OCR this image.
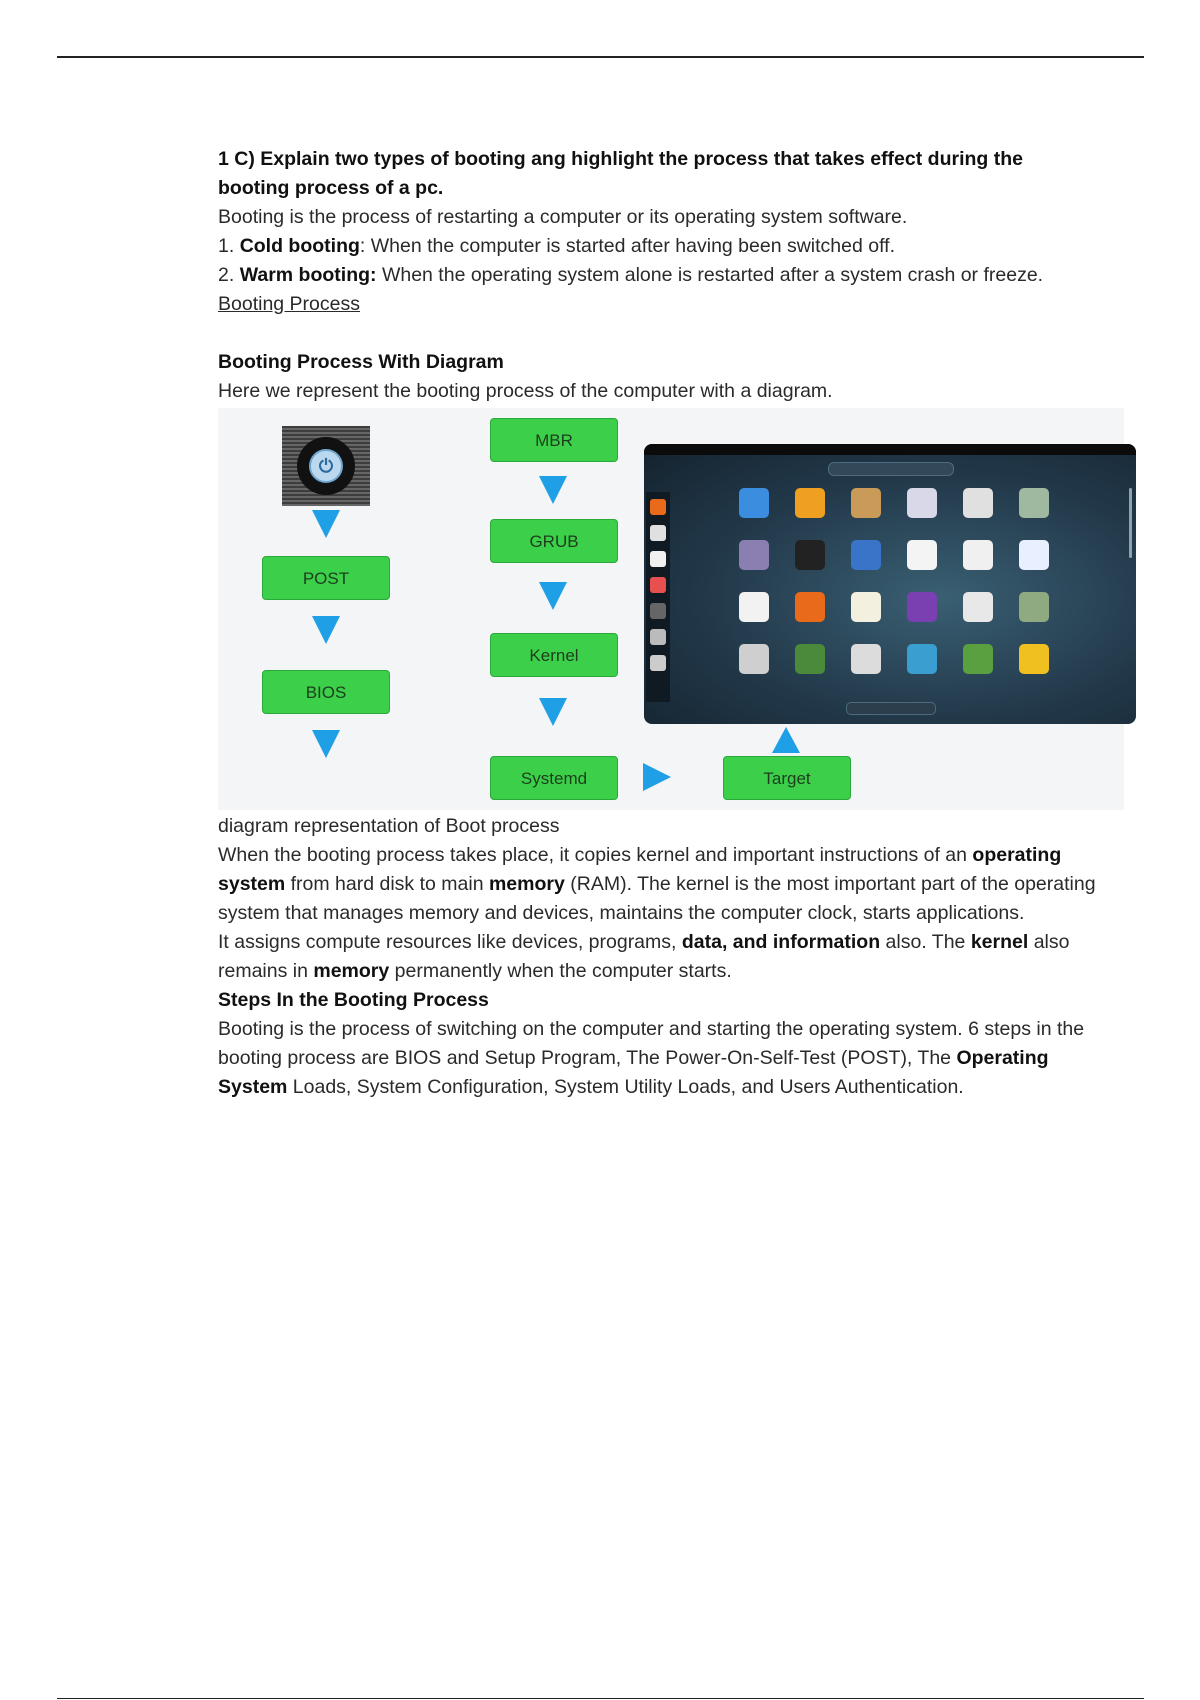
1 C) Explain two types of booting ang highlight the process that takes effect during the booting process of a pc.

Booting is the process of restarting a computer or its operating system software.

1. Cold booting: When the computer is started after having been switched off.

2. Warm booting: When the operating system alone is restarted after a system crash or freeze.

Booting Process

Booting Process With Diagram

Here we represent the booting process of the computer with a diagram.

⏻
POST
BIOS
MBR
GRUB
Kernel
Systemd	Target

diagram representation of Boot process

When the booting process takes place, it copies kernel and important instructions of an operating system from hard disk to main memory (RAM). The kernel is the most important part of the operating system that manages memory and devices, maintains the computer clock, starts applications.

It assigns compute resources like devices, programs, data, and information also. The kernel also remains in memory permanently when the computer starts.

Steps In the Booting Process

Booting is the process of switching on the computer and starting the operating system. 6 steps in the booting process are BIOS and Setup Program, The Power-On-Self-Test (POST), The Operating System Loads, System Configuration, System Utility Loads, and Users Authentication.
